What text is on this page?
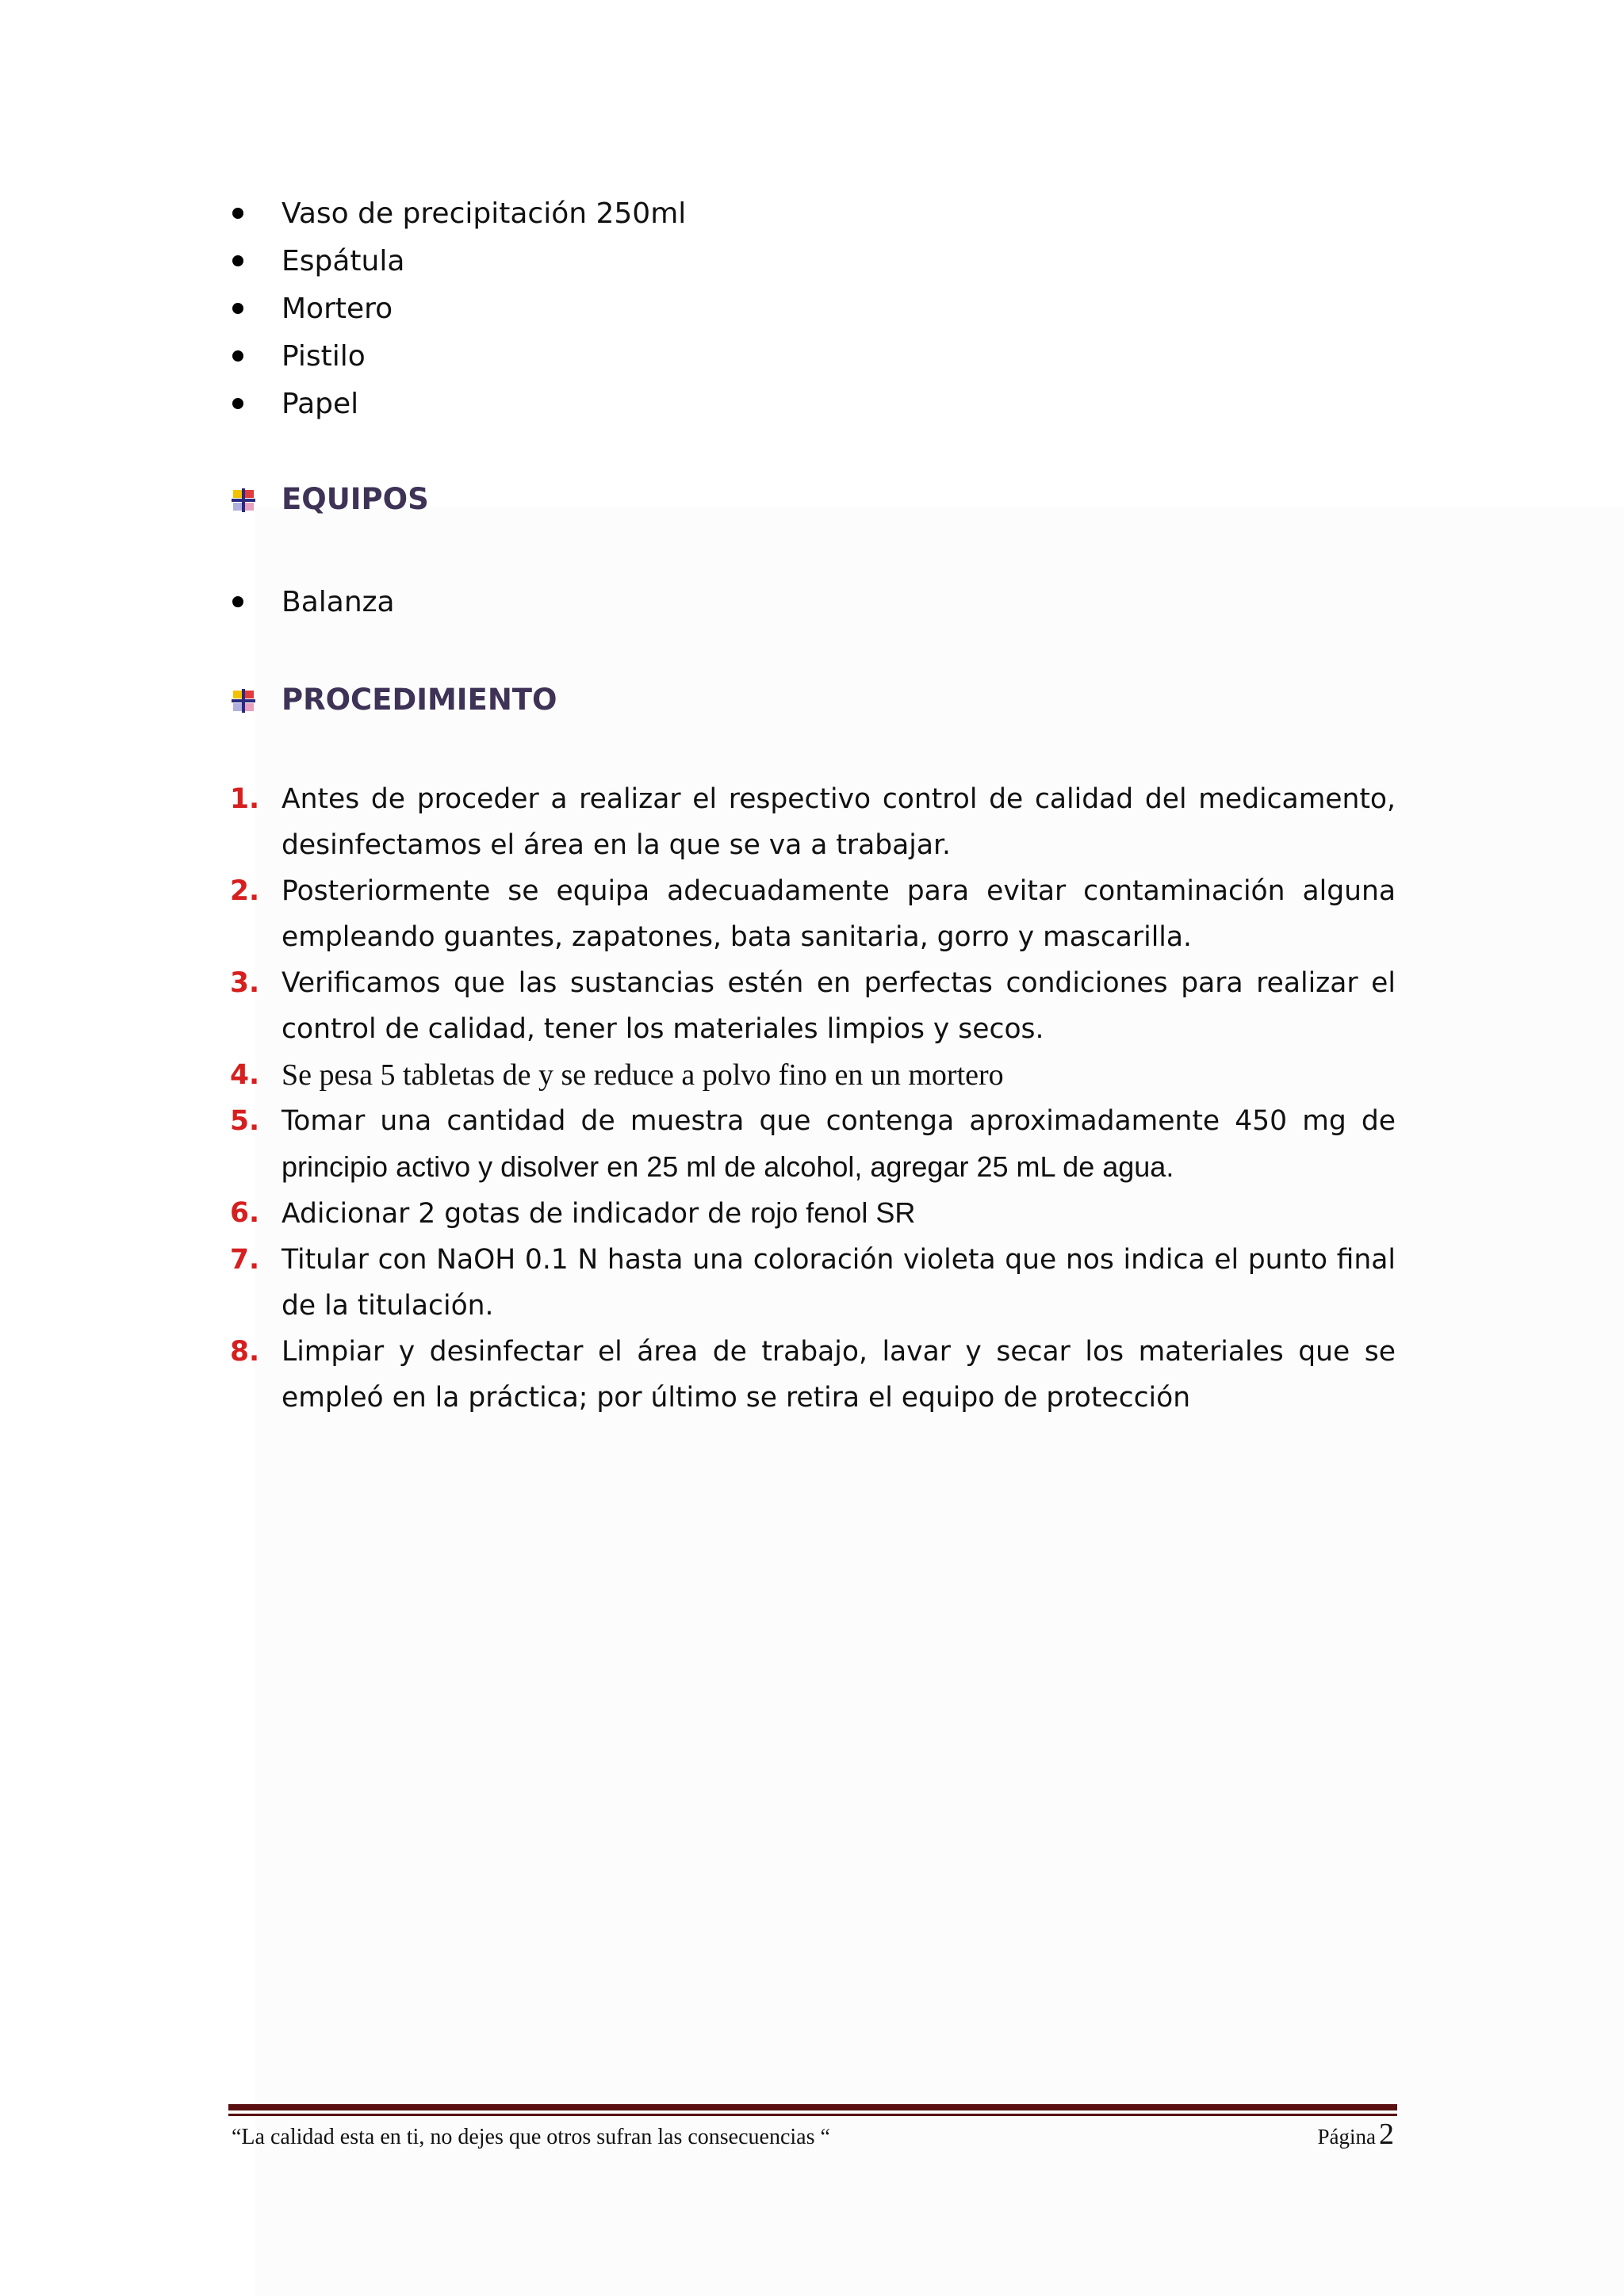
Vaso de precipitación 250ml
Espátula
Mortero
Pistilo
Papel
EQUIPOS
Balanza
PROCEDIMIENTO
1. Antes de proceder a realizar el respectivo control de calidad del medicamento, desinfectamos el área en la que se va a trabajar.
2. Posteriormente se equipa adecuadamente para evitar contaminación alguna empleando guantes, zapatones, bata sanitaria, gorro y mascarilla.
3. Verificamos que las sustancias estén en perfectas condiciones para realizar el control de calidad, tener los materiales limpios y secos.
4. Se pesa 5 tabletas de y se reduce a polvo fino en un mortero
5. Tomar una cantidad de muestra que contenga aproximadamente 450 mg de
principio activo y disolver en 25 ml de alcohol, agregar 25 mL de agua.
6. Adicionar 2 gotas de indicador de rojo fenol SR
7. Titular con NaOH 0.1 N hasta una coloración violeta que nos indica el punto final de la titulación.
8. Limpiar y desinfectar el área de trabajo, lavar y secar los materiales que se empleó en la práctica; por último se retira el equipo de protección
“La calidad esta en ti, no dejes que otros sufran las consecuencias “	Página 2
